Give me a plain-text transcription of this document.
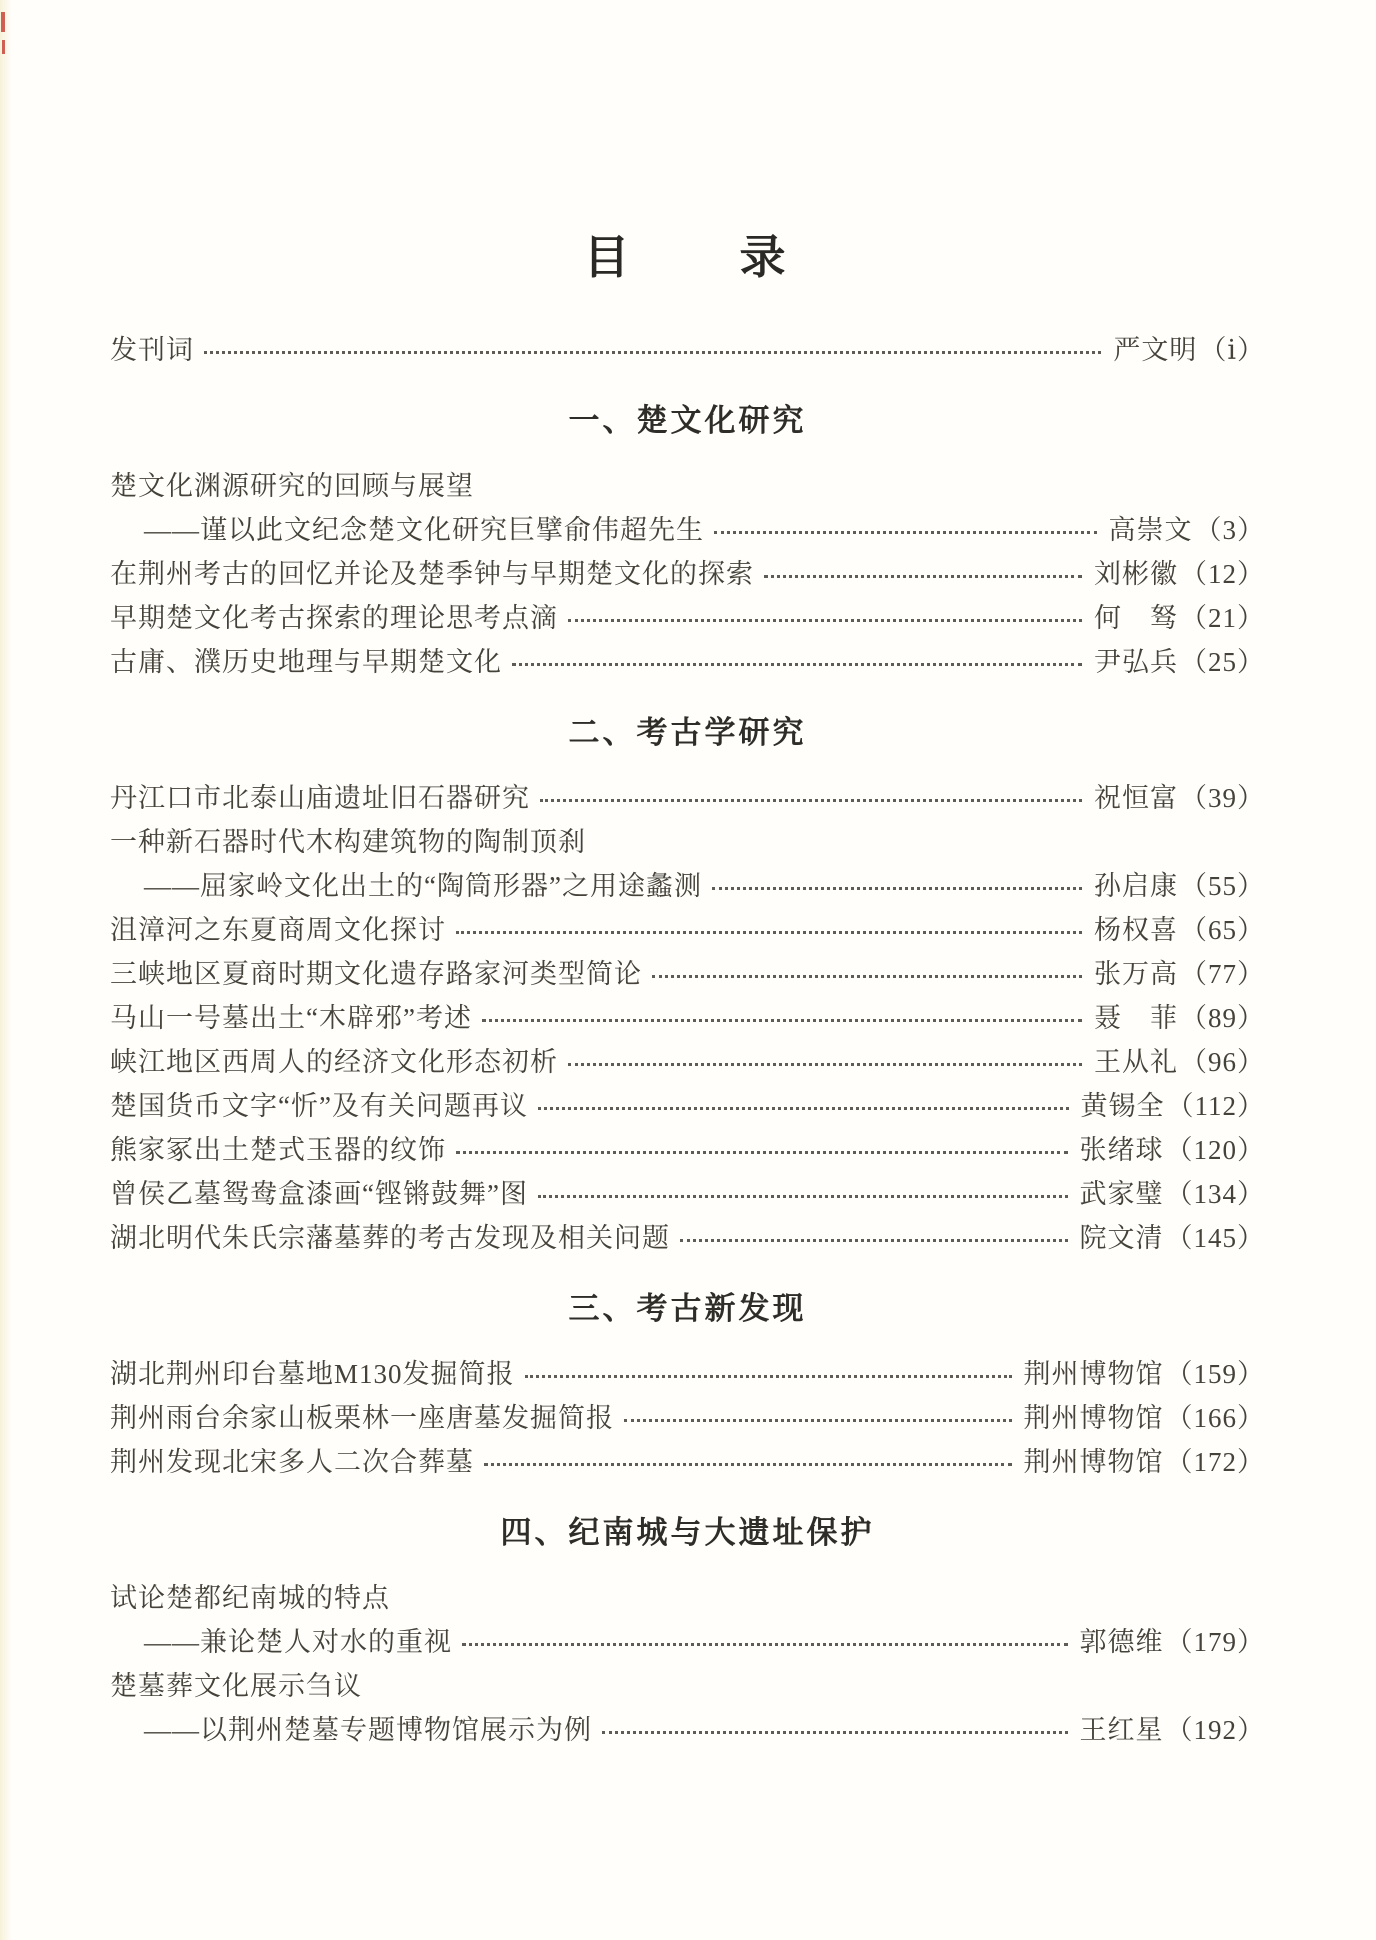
目　　录
发刊词	严文明 （ⅰ）
一、楚文化研究
楚文化渊源研究的回顾与展望
——谨以此文纪念楚文化研究巨擘俞伟超先生	高崇文 （3）
在荆州考古的回忆并论及楚季钟与早期楚文化的探索	刘彬徽 （12）
早期楚文化考古探索的理论思考点滴	何　驽 （21）
古庸、濮历史地理与早期楚文化	尹弘兵 （25）
二、考古学研究
丹江口市北泰山庙遗址旧石器研究	祝恒富 （39）
一种新石器时代木构建筑物的陶制顶刹
——屈家岭文化出土的“陶筒形器”之用途蠡测	孙启康 （55）
沮漳河之东夏商周文化探讨	杨权喜 （65）
三峡地区夏商时期文化遗存路家河类型简论	张万高 （77）
马山一号墓出土“木辟邪”考述	聂　菲 （89）
峡江地区西周人的经济文化形态初析	王从礼 （96）
楚国货币文字“忻”及有关问题再议	黄锡全 （112）
熊家冢出土楚式玉器的纹饰	张绪球 （120）
曾侯乙墓鸳鸯盒漆画“铿锵鼓舞”图	武家璧 （134）
湖北明代朱氏宗藩墓葬的考古发现及相关问题	院文清 （145）
三、考古新发现
湖北荆州印台墓地M130发掘简报	荆州博物馆 （159）
荆州雨台余家山板栗林一座唐墓发掘简报	荆州博物馆 （166）
荆州发现北宋多人二次合葬墓	荆州博物馆 （172）
四、纪南城与大遗址保护
试论楚都纪南城的特点
——兼论楚人对水的重视	郭德维 （179）
楚墓葬文化展示刍议
——以荆州楚墓专题博物馆展示为例	王红星 （192）
